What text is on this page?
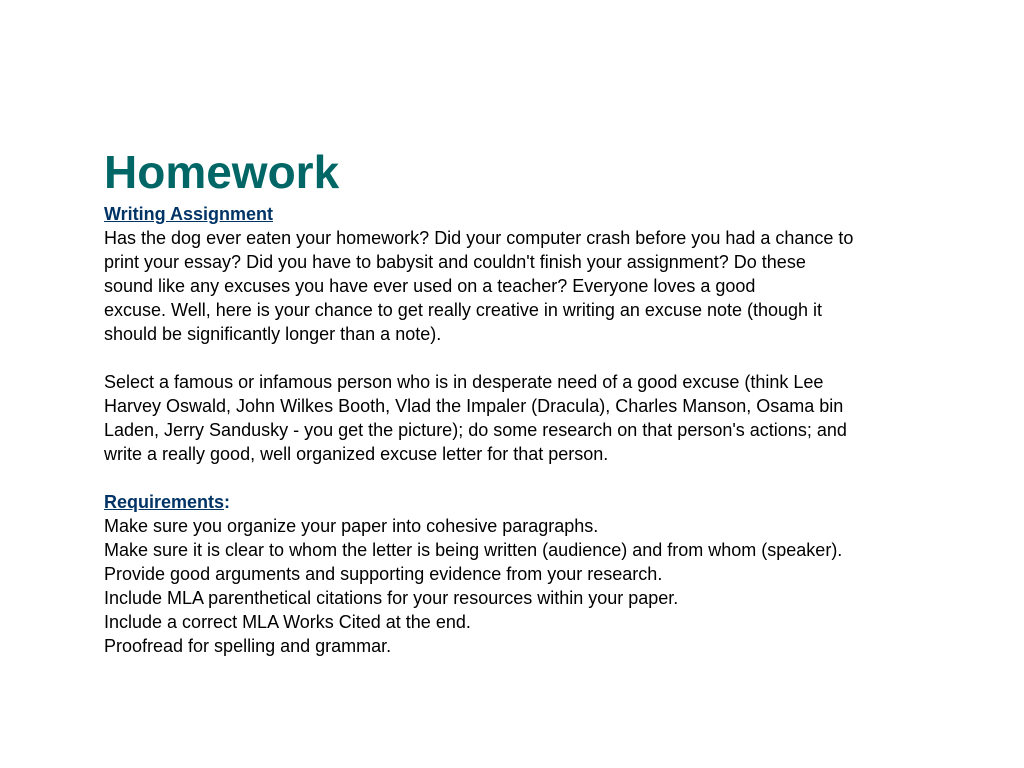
Homework
Writing Assignment
Has the dog ever eaten your homework? Did your computer crash before you had a chance to
print your essay? Did you have to babysit and couldn't finish your assignment? Do these
sound like any excuses you have ever used on a teacher? Everyone loves a good
excuse. Well, here is your chance to get really creative in writing an excuse note (though it
should be significantly longer than a note).
Select a famous or infamous person who is in desperate need of a good excuse (think Lee
Harvey Oswald, John Wilkes Booth, Vlad the Impaler (Dracula), Charles Manson, Osama bin
Laden, Jerry Sandusky - you get the picture); do some research on that person's actions; and
write a really good, well organized excuse letter for that person.
Requirements:
Make sure you organize your paper into cohesive paragraphs.
Make sure it is clear to whom the letter is being written (audience) and from whom (speaker).
Provide good arguments and supporting evidence from your research.
Include MLA parenthetical citations for your resources within your paper.
Include a correct MLA Works Cited at the end.
Proofread for spelling and grammar.
